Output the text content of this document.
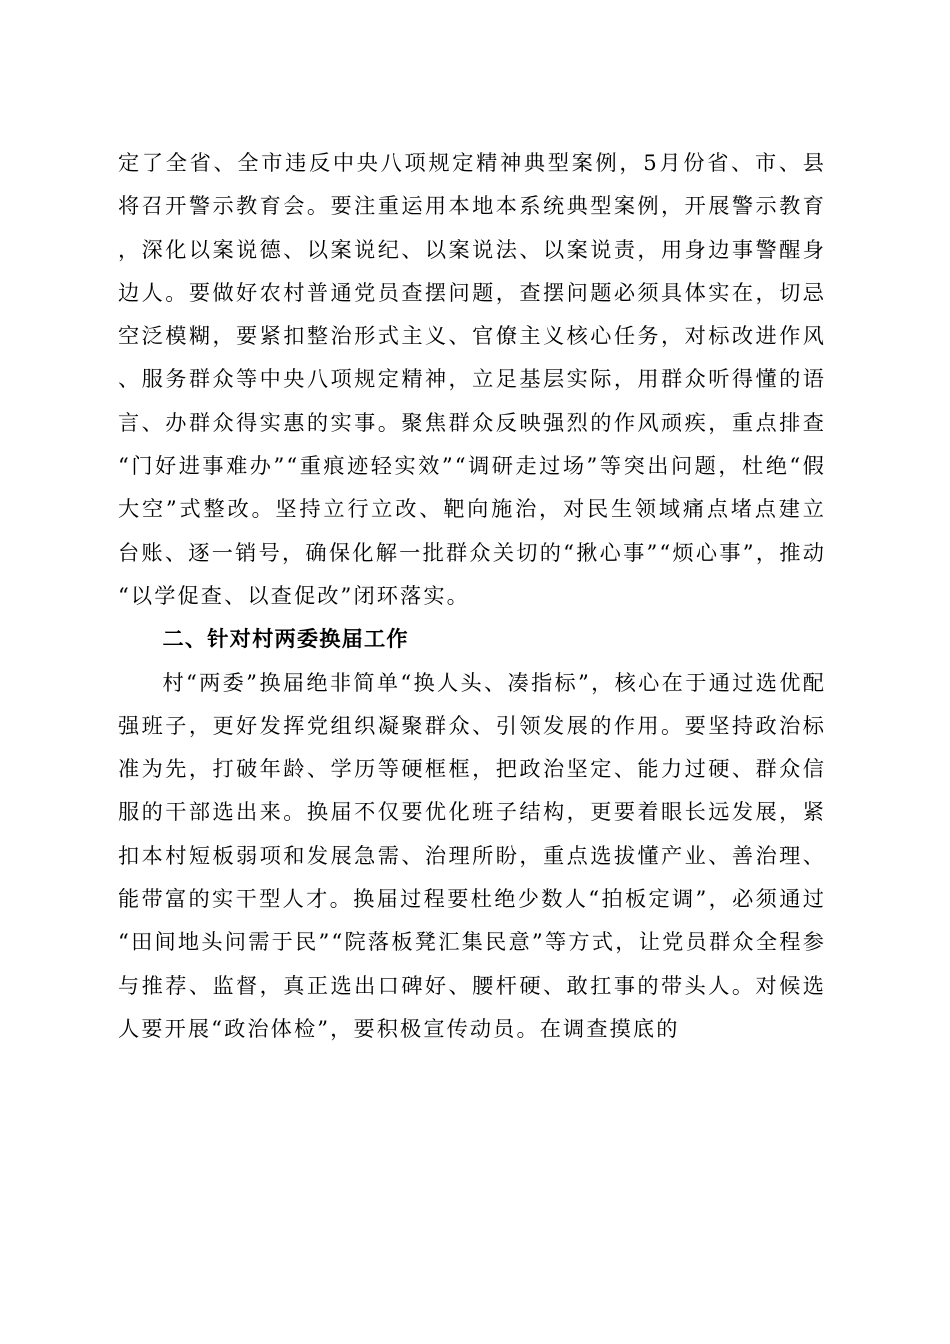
定了全省、全市违反中央八项规定精神典型案例，5月份省、市、县将召开警示教育会。要注重运用本地本系统典型案例，开展警示教育，深化以案说德、以案说纪、以案说法、以案说责，用身边事警醒身边人。要做好农村普通党员查摆问题，查摆问题必须具体实在，切忌空泛模糊，要紧扣整治形式主义、官僚主义核心任务，对标改进作风、服务群众等中央八项规定精神，立足基层实际，用群众听得懂的语言、办群众得实惠的实事。聚焦群众反映强烈的作风顽疾，重点排查“门好进事难办”“重痕迹轻实效”“调研走过场”等突出问题，杜绝“假大空”式整改。坚持立行立改、靶向施治，对民生领域痛点堵点建立台账、逐一销号，确保化解一批群众关切的“揪心事”“烦心事”，推动“以学促查、以查促改”闭环落实。

二、针对村两委换届工作

村“两委”换届绝非简单“换人头、凑指标”，核心在于通过选优配强班子，更好发挥党组织凝聚群众、引领发展的作用。要坚持政治标准为先，打破年龄、学历等硬框框，把政治坚定、能力过硬、群众信服的干部选出来。换届不仅要优化班子结构，更要着眼长远发展，紧扣本村短板弱项和发展急需、治理所盼，重点选拔懂产业、善治理、能带富的实干型人才。换届过程要杜绝少数人“拍板定调”，必须通过“田间地头问需于民”“院落板凳汇集民意”等方式，让党员群众全程参与推荐、监督，真正选出口碑好、腰杆硬、敢扛事的带头人。对候选人要开展“政治体检”，要积极宣传动员。在调查摸底的
